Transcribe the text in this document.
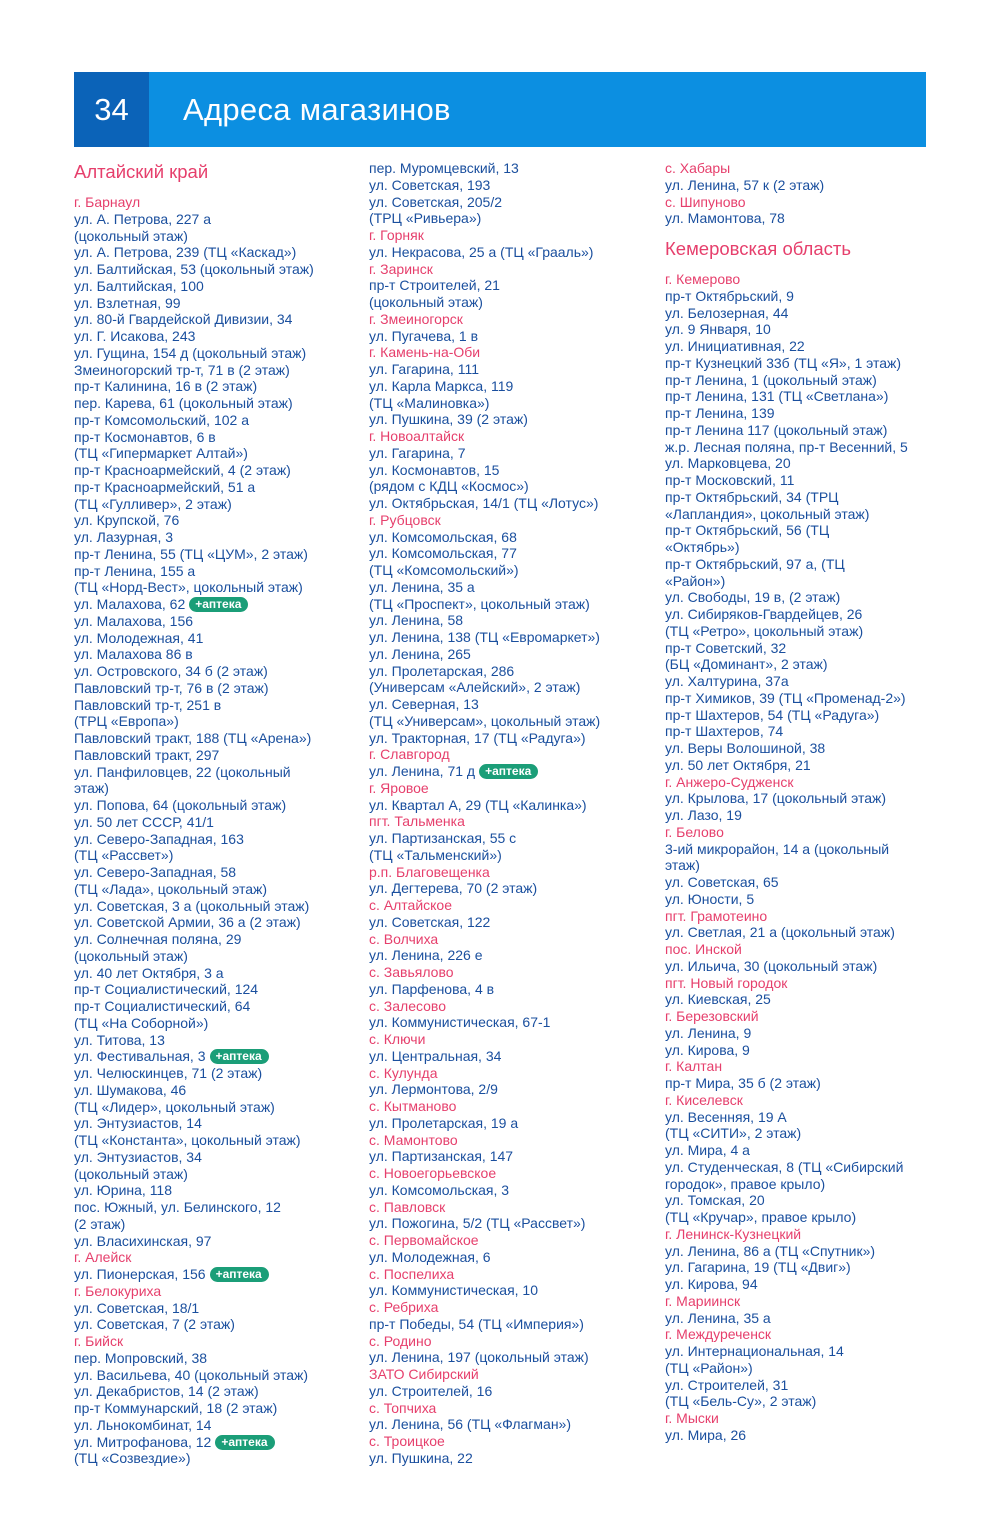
34	Адреса магазинов
Алтайский край
г. Барнаул
ул. А. Петрова, 227 а
(цокольный этаж)
ул. А. Петрова, 239 (ТЦ «Каскад»)
ул. Балтийская, 53 (цокольный этаж)
ул. Балтийская, 100
ул. Взлетная, 99
ул. 80-й Гвардейской Дивизии, 34
ул. Г. Исакова, 243
ул. Гущина, 154 д (цокольный этаж)
Змеиногорский тр-т, 71 в (2 этаж)
пр-т Калинина, 16 в (2 этаж)
пер. Карева, 61 (цокольный этаж)
пр-т Комсомольский, 102 а
пр-т Космонавтов, 6 в
(ТЦ «Гипермаркет Алтай»)
пр-т Красноармейский, 4 (2 этаж)
пр-т Красноармейский, 51 а
(ТЦ «Гулливер», 2 этаж)
ул. Крупской, 76
ул. Лазурная, 3
пр-т Ленина, 55 (ТЦ «ЦУМ», 2 этаж)
пр-т Ленина, 155 а
(ТЦ «Норд-Вест», цокольный этаж)
ул. Малахова, 62 +аптека
ул. Малахова, 156
ул. Молодежная, 41
ул. Малахова 86 в
ул. Островского, 34 б (2 этаж)
Павловский тр-т, 76 в (2 этаж)
Павловский тр-т, 251 в
(ТРЦ «Европа»)
Павловский тракт, 188 (ТЦ «Арена»)
Павловский тракт, 297
ул. Панфиловцев, 22 (цокольный
этаж)
ул. Попова, 64 (цокольный этаж)
ул. 50 лет СССР, 41/1
ул. Северо-Западная, 163
(ТЦ «Рассвет»)
ул. Северо-Западная, 58
(ТЦ «Лада», цокольный этаж)
ул. Советская, 3 а (цокольный этаж)
ул. Советской Армии, 36 а (2 этаж)
ул. Солнечная поляна, 29
(цокольный этаж)
ул. 40 лет Октября, 3 а
пр-т Социалистический, 124
пр-т Социалистический, 64
(ТЦ «На Соборной»)
ул. Титова, 13
ул. Фестивальная, 3 +аптека
ул. Челюскинцев, 71 (2 этаж)
ул. Шумакова, 46
(ТЦ «Лидер», цокольный этаж)
ул. Энтузиастов, 14
(ТЦ «Константа», цокольный этаж)
ул. Энтузиастов, 34
(цокольный этаж)
ул. Юрина, 118
пос. Южный, ул. Белинского, 12
(2 этаж)
ул. Власихинская, 97
г. Алейск
ул. Пионерская, 156 +аптека
г. Белокуриха
ул. Советская, 18/1
ул. Советская, 7 (2 этаж)
г. Бийск
пер. Мопровский, 38
ул. Васильева, 40 (цокольный этаж)
ул. Декабристов, 14 (2 этаж)
пр-т Коммунарский, 18 (2 этаж)
ул. Льнокомбинат, 14
ул. Митрофанова, 12 +аптека
(ТЦ «Созвездие»)
пер. Муромцевский, 13
ул. Советская, 193
ул. Советская, 205/2
(ТРЦ «Ривьера»)
г. Горняк
ул. Некрасова, 25 а (ТЦ «Грааль»)
г. Заринск
пр-т Строителей, 21
(цокольный этаж)
г. Змеиногорск
ул. Пугачева, 1 в
г. Камень-на-Оби
ул. Гагарина, 111
ул. Карла Маркса, 119
(ТЦ «Малиновка»)
ул. Пушкина, 39 (2 этаж)
г. Новоалтайск
ул. Гагарина, 7
ул. Космонавтов, 15
(рядом с КДЦ «Космос»)
ул. Октябрьская, 14/1 (ТЦ «Лотус»)
г. Рубцовск
ул. Комсомольская, 68
ул. Комсомольская, 77
(ТЦ «Комсомольский»)
ул. Ленина, 35 а
(ТЦ «Проспект», цокольный этаж)
ул. Ленина, 58
ул. Ленина, 138 (ТЦ «Евромаркет»)
ул. Ленина, 265
ул. Пролетарская, 286
(Универсам «Алейский», 2 этаж)
ул. Северная, 13
(ТЦ «Универсам», цокольный этаж)
ул. Тракторная, 17 (ТЦ «Радуга»)
г. Славгород
ул. Ленина, 71 д +аптека
г. Яровое
ул. Квартал А, 29 (ТЦ «Калинка»)
пгт. Тальменка
ул. Партизанская, 55 с
(ТЦ «Тальменский»)
р.п. Благовещенка
ул. Дегтерева, 70 (2 этаж)
с. Алтайское
ул. Советская, 122
с. Волчиха
ул. Ленина, 226 е
с. Завьялово
ул. Парфенова, 4 в
с. Залесово
ул. Коммунистическая, 67-1
с. Ключи
ул. Центральная, 34
с. Кулунда
ул. Лермонтова, 2/9
с. Кытманово
ул. Пролетарская, 19 а
с. Мамонтово
ул. Партизанская, 147
с. Новоегорьевское
ул. Комсомольская, 3
с. Павловск
ул. Пожогина, 5/2 (ТЦ «Рассвет»)
с. Первомайское
ул. Молодежная, 6
с. Поспелиха
ул. Коммунистическая, 10
с. Ребриха
пр-т Победы, 54 (ТЦ «Империя»)
с. Родино
ул. Ленина, 197 (цокольный этаж)
ЗАТО Сибирский
ул. Строителей, 16
с. Топчиха
ул. Ленина, 56 (ТЦ «Флагман»)
с. Троицкое
ул. Пушкина, 22
с. Хабары
ул. Ленина, 57 к (2 этаж)
с. Шипуново
ул. Мамонтова, 78
Кемеровская область
г. Кемерово
пр-т Октябрьский, 9
ул. Белозерная, 44
ул. 9 Января, 10
ул. Инициативная, 22
пр-т Кузнецкий 33б (ТЦ «Я», 1 этаж)
пр-т Ленина, 1 (цокольный этаж)
пр-т Ленина, 131 (ТЦ «Светлана»)
пр-т Ленина, 139
пр-т Ленина 117 (цокольный этаж)
ж.р. Лесная поляна, пр-т Весенний, 5
ул. Марковцева, 20
пр-т Московский, 11
пр-т Октябрьский, 34 (ТРЦ
«Лапландия», цокольный этаж)
пр-т Октябрьский, 56 (ТЦ
«Октябрь»)
пр-т Октябрьский, 97 а, (ТЦ
«Район»)
ул. Свободы, 19 в, (2 этаж)
ул. Сибиряков-Гвардейцев, 26
(ТЦ «Ретро», цокольный этаж)
пр-т Советский, 32
(БЦ «Доминант», 2 этаж)
ул. Халтурина, 37а
пр-т Химиков, 39 (ТЦ «Променад-2»)
пр-т Шахтеров, 54 (ТЦ «Радуга»)
пр-т Шахтеров, 74
ул. Веры Волошиной, 38
ул. 50 лет Октября, 21
г. Анжеро-Судженск
ул. Крылова, 17 (цокольный этаж)
ул. Лазо, 19
г. Белово
3-ий микрорайон, 14 а (цокольный
этаж)
ул. Советская, 65
ул. Юности, 5
пгт. Грамотеино
ул. Светлая, 21 а (цокольный этаж)
пос. Инской
ул. Ильича, 30 (цокольный этаж)
пгт. Новый городок
ул. Киевская, 25
г. Березовский
ул. Ленина, 9
ул. Кирова, 9
г. Калтан
пр-т Мира, 35 б (2 этаж)
г. Киселевск
ул. Весенняя, 19 А
(ТЦ «СИТИ», 2 этаж)
ул. Мира, 4 а
ул. Студенческая, 8 (ТЦ «Сибирский
городок», правое крыло)
ул. Томская, 20
(ТЦ «Кручар», правое крыло)
г. Ленинск-Кузнецкий
ул. Ленина, 86 а (ТЦ «Спутник»)
ул. Гагарина, 19 (ТЦ «Двиг»)
ул. Кирова, 94
г. Мариинск
ул. Ленина, 35 а
г. Междуреченск
ул. Интернациональная, 14
(ТЦ «Район»)
ул. Строителей, 31
(ТЦ «Бель-Су», 2 этаж)
г. Мыски
ул. Мира, 26
